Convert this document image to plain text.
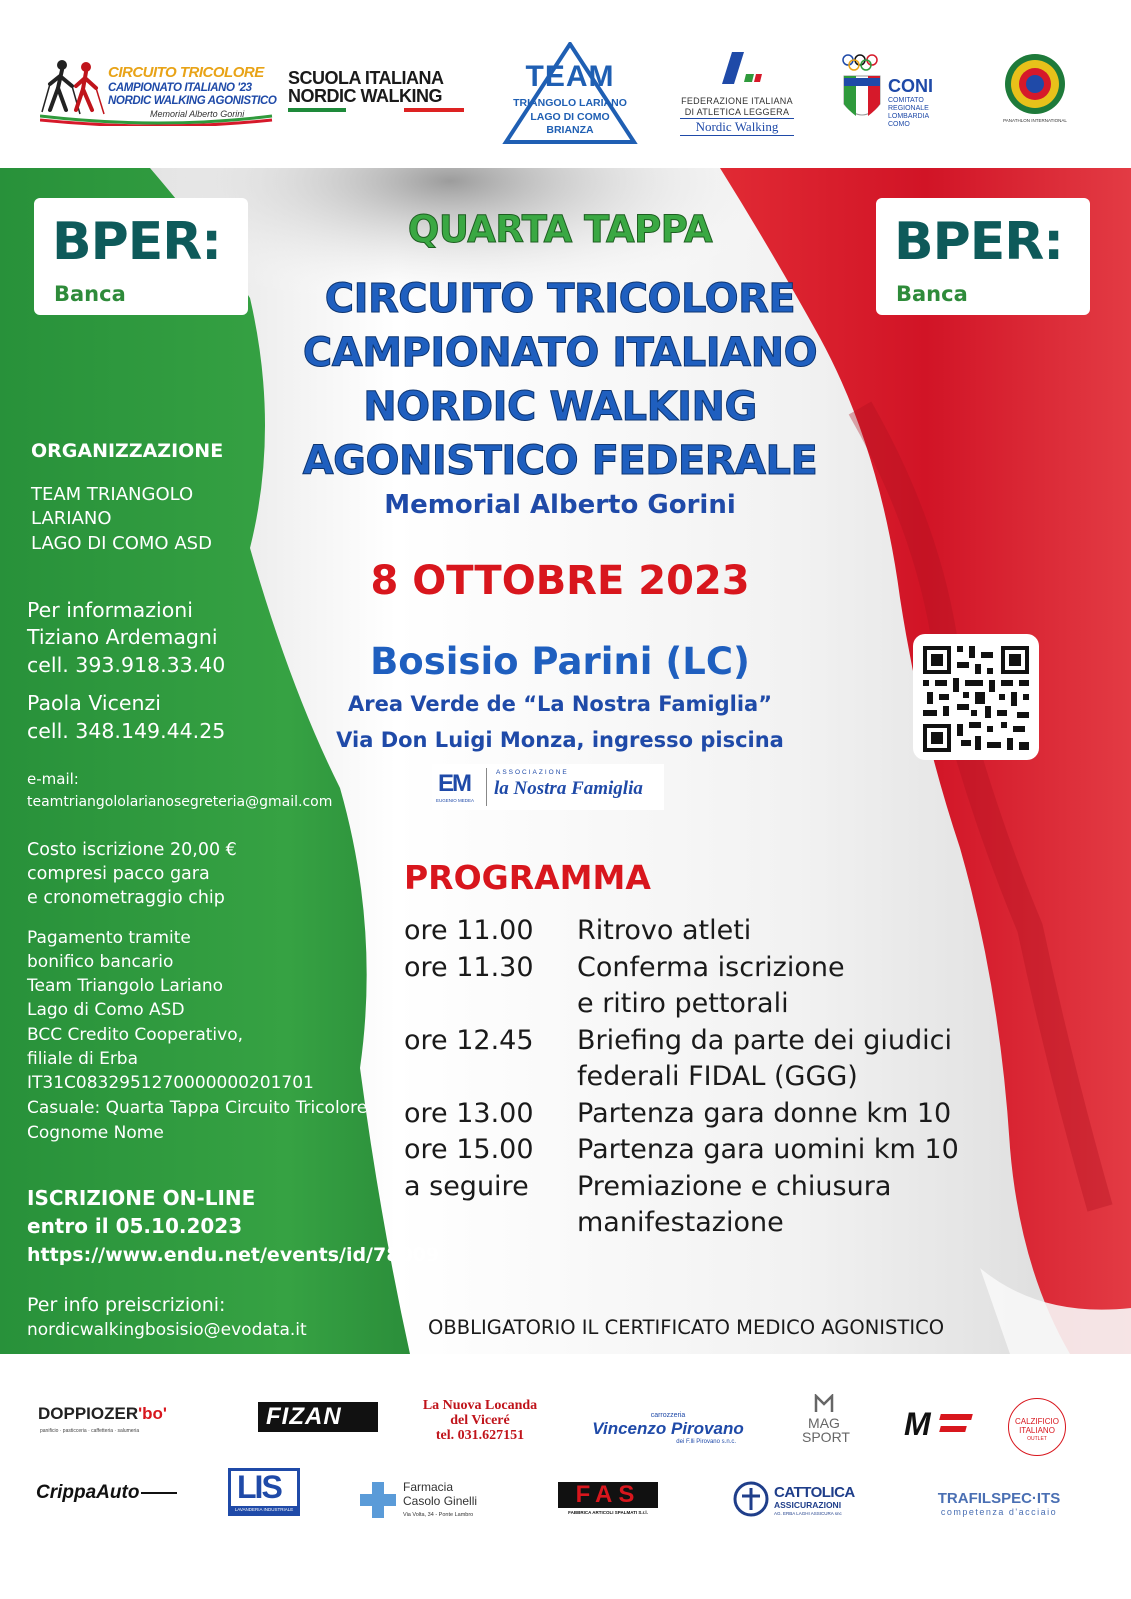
CIRCUITO TRICOLORE
CAMPIONATO ITALIANO '23
NORDIC WALKING AGONISTICO
Memorial Alberto Gorini
SCUOLA ITALIANA
NORDIC WALKING
TEAM
TRIANGOLO LARIANO
LAGO DI COMO
BRIANZA
FEDERAZIONE ITALIANA
DI ATLETICA LEGGERA
Nordic Walking
CONI
COMITATO
REGIONALE
LOMBARDIA
COMO
PANATHLON INTERNATIONAL
BPER:
Banca
BPER:
Banca
QUARTA TAPPA
CIRCUITO TRICOLORE
CAMPIONATO ITALIANO
NORDIC WALKING
AGONISTICO FEDERALE
Memorial Alberto Gorini
8 OTTOBRE 2023
Bosisio Parini (LC)
Area Verde de “La Nostra Famiglia”
Via Don Luigi Monza, ingresso piscina
EM
EUGENIO MEDEA
ASSOCIAZIONE
la Nostra Famiglia
ORGANIZZAZIONE
TEAM TRIANGOLO
LARIANO
LAGO DI COMO ASD
Per informazioni
Tiziano Ardemagni
cell. 393.918.33.40
Paola Vicenzi
cell. 348.149.44.25
e-mail:
teamtriangololarianosegreteria@gmail.com
Costo iscrizione 20,00 €
compresi pacco gara
e cronometraggio chip
Pagamento tramite
bonifico bancario
Team Triangolo Lariano
Lago di Como ASD
BCC Credito Cooperativo,
filiale di Erba
IT31C0832951270000000201701
Casuale: Quarta Tappa Circuito Tricolore
Cognome Nome
ISCRIZIONE ON-LINE
entro il 05.10.2023
https://www.endu.net/events/id/78009
Per info preiscrizioni:
nordicwalkingbosisio@evodata.it
PROGRAMMA
ore 11.00	Ritrovo atleti
ore 11.30	Conferma iscrizione
e ritiro pettorali
ore 12.45	Briefing da parte dei giudici
federali FIDAL (GGG)
ore 13.00	Partenza gara donne km 10
ore 15.00	Partenza gara uomini km 10
a seguire	Premiazione e chiusura
manifestazione
OBBLIGATORIO IL CERTIFICATO MEDICO AGONISTICO
DOPPIOZER'bo'
panificio · pasticceria · caffetteria · salumeria
FIZAN	La Nuova Locanda
del Viceré
tel. 031.627151
carrozzeria
Vincenzo Pirovano
dei F.lli Pirovano s.n.c.
MAG
SPORT M	CALZIFICIO
ITALIANO
OUTLET
CrippaAuto	LIS
LAVANDERIA INDUSTRIALE
Farmacia
Casolo Ginelli
Via Volta, 34 - Ponte Lambro
FAS
FABBRICA ARTICOLI SPALMATI S.r.l.
CATTOLICA
ASSICURAZIONI
AG. ERBA LAGHI ASSICURA snc
TRAFILSPEC·ITS
competenza d'acciaio
